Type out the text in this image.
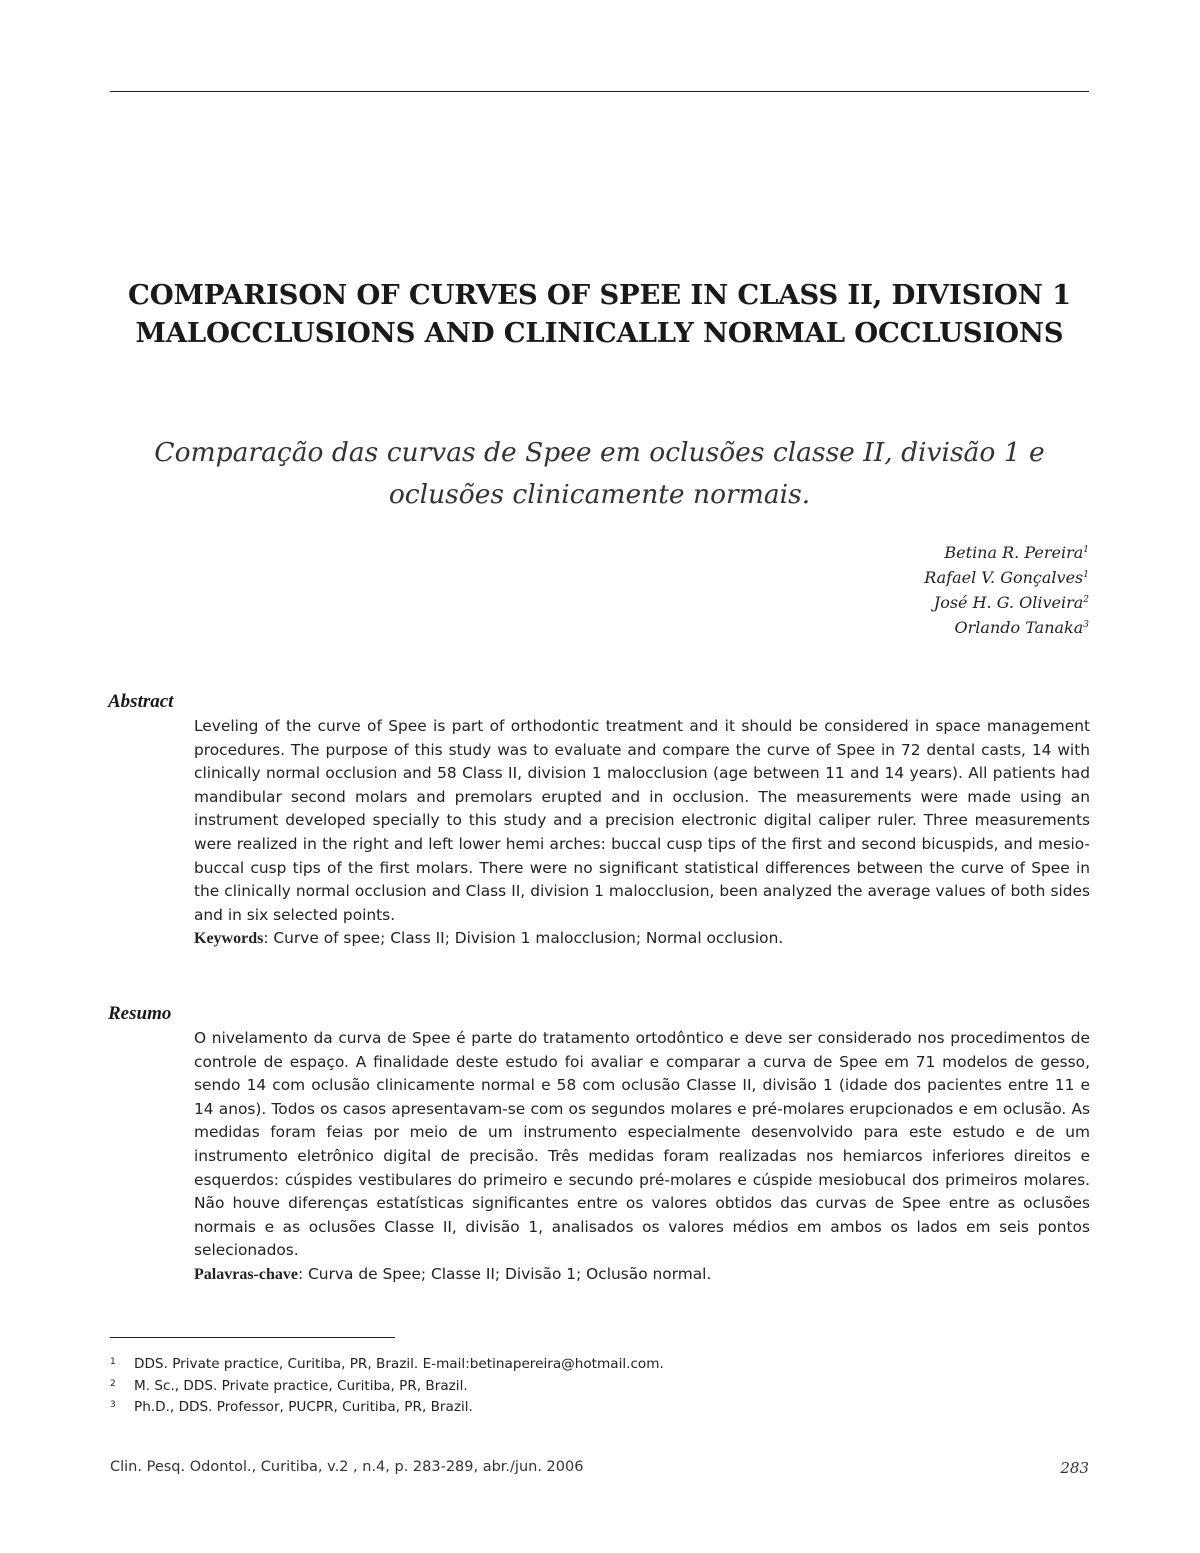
COMPARISON OF CURVES OF SPEE IN CLASS II, DIVISION 1 MALOCCLUSIONS AND CLINICALLY NORMAL OCCLUSIONS
Comparação das curvas de Spee em oclusões classe II, divisão 1 e oclusões clinicamente normais.
Betina R. Pereira$^1$
Rafael V. Gonçalves$^1$
José H. G. Oliveira$^2$
Orlando Tanaka$^3$
Abstract
Leveling of the curve of Spee is part of orthodontic treatment and it should be considered in space management procedures. The purpose of this study was to evaluate and compare the curve of Spee in 72 dental casts, 14 with clinically normal occlusion and 58 Class II, division 1 malocclusion (age between 11 and 14 years). All patients had mandibular second molars and premolars erupted and in occlusion. The measurements were made using an instrument developed specially to this study and a precision electronic digital caliper ruler. Three measurements were realized in the right and left lower hemi arches: buccal cusp tips of the first and second bicuspids, and mesio-buccal cusp tips of the first molars. There were no significant statistical differences between the curve of Spee in the clinically normal occlusion and Class II, division 1 malocclusion, been analyzed the average values of both sides and in six selected points.
Keywords: Curve of spee; Class II; Division 1 malocclusion; Normal occlusion.
Resumo
O nivelamento da curva de Spee é parte do tratamento ortodôntico e deve ser considerado nos procedimentos de controle de espaço. A finalidade deste estudo foi avaliar e comparar a curva de Spee em 71 modelos de gesso, sendo 14 com oclusão clinicamente normal e 58 com oclusão Classe II, divisão 1 (idade dos pacientes entre 11 e 14 anos). Todos os casos apresentavam-se com os segundos molares e pré-molares erupcionados e em oclusão. As medidas foram feias por meio de um instrumento especialmente desenvolvido para este estudo e de um instrumento eletrônico digital de precisão. Três medidas foram realizadas nos hemiarcos inferiores direitos e esquerdos: cúspides vestibulares do primeiro e secundo pré-molares e cúspide mesiobucal dos primeiros molares. Não houve diferenças estatísticas significantes entre os valores obtidos das curvas de Spee entre as oclusões normais e as oclusões Classe II, divisão 1, analisados os valores médios em ambos os lados em seis pontos selecionados.
Palavras-chave: Curva de Spee; Classe II; Divisão 1; Oclusão normal.
1	DDS. Private practice, Curitiba, PR, Brazil. E-mail:betinapereira@hotmail.com.
2	M. Sc., DDS. Private practice, Curitiba, PR, Brazil.
3	Ph.D., DDS. Professor, PUCPR, Curitiba, PR, Brazil.
Clin. Pesq. Odontol., Curitiba, v.2 , n.4, p. 283-289, abr./jun. 2006	283
